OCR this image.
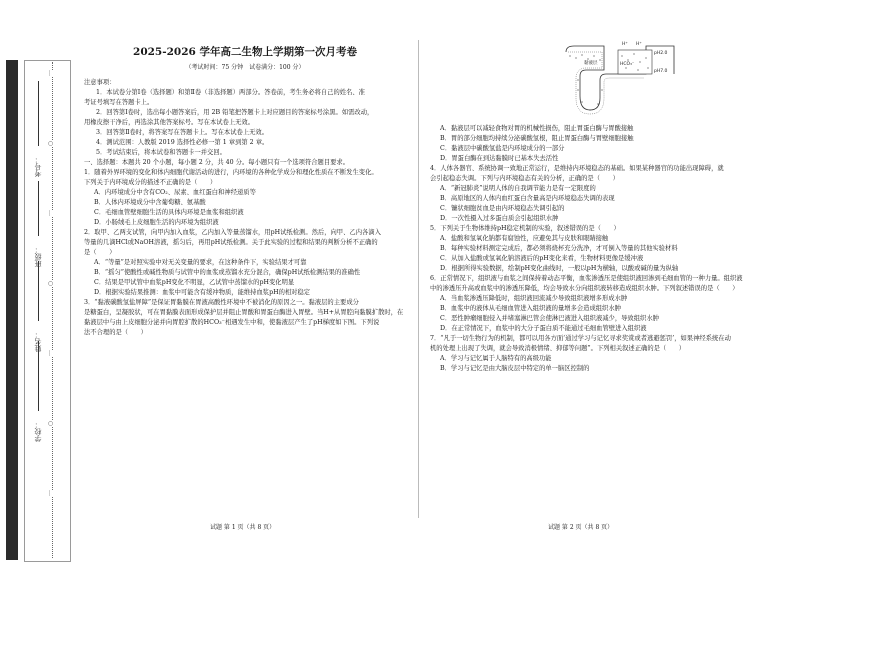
学校：
姓名：
班级：
考号：
…
○
…
○
…
○
…
2025-2026 学年高二生物上学期第一次月考卷
（考试时间：75 分钟　试卷满分：100 分）

注意事项：

1．本试卷分第Ⅰ卷（选择题）和第Ⅱ卷（非选择题）两部分。答卷前，考生务必将自己的姓名、准

考证号填写在答题卡上。

2．回答第Ⅰ卷时，选出每小题答案后，用 2B 铅笔把答题卡上对应题目的答案标号涂黑。如需改动，

用橡皮擦干净后，再选涂其他答案标号。写在本试卷上无效。

3．回答第Ⅱ卷时，将答案写在答题卡上。写在本试卷上无效。

4．测试范围：人教版 2019 选择性必修一第 1 章到第 2 章。

5．考试结束后，将本试卷和答题卡一并交回。

一、选择题：本题共 20 个小题，每小题 2 分，共 40 分。每小题只有一个选项符合题目要求。

1．随着外界环境的变化和体内细胞代谢活动的进行，内环境的各种化学成分和理化性质在不断发生变化。

下列关于内环境成分的描述不正确的是（　　）

A．内环境成分中含有CO₂、尿素、血红蛋白和神经递质等

B．人体内环境成分中含葡萄糖、氨基酸

C．毛细血管壁细胞生活的具体内环境是血浆和组织液

D．小肠绒毛上皮细胞生活的内环境为组织液

2．取甲、乙两支试管，向甲内加入血浆，乙内加入等量蒸馏水，用pH试纸检测。然后，向甲、乙内各滴入

等量的几滴HCl或NaOH溶液，摇匀后，再用pH试纸检测。关于此实验的过程和结果的判断分析不正确的

是（　　）

A．“等量”是对照实验中对无关变量的要求，在这种条件下，实验结果才可靠

B．“摇匀”使酸性或碱性物质与试管中的血浆或蒸馏水充分混合，确保pH试纸检测结果的准确性

C．结果是甲试管中血浆pH变化不明显，乙试管中蒸馏水的pH变化明显

D．根据实验结果推测：血浆中可能含有缓冲物质，能维持血浆pH的相对稳定

3．“黏液碳酸氢盐屏障”是保证胃黏膜在胃液高酸性环境中不被消化的原因之一。黏液层的主要成分

是糖蛋白，呈凝胶状，可在胃黏膜表面形成保护层并阻止胃酸和胃蛋白酶进入胃壁。当H+从胃腔向黏膜扩散时，在

黏液层中与由上皮细胞分泌并向胃腔扩散的HCO₃⁻相遇发生中和，使黏液层产生了pH梯度如下图。下列说

法不合理的是（　　）

试题 第 1 页（共 8 页）
H⁺ H⁺
pH2.0
HCO₃⁻
pH7.0
黏液层

A．黏液层可以减轻食物对胃的机械性损伤，阻止胃蛋白酶与胃酸接触

B．胃的部分细胞均持续分泌碳酸氢根，阻止胃蛋白酶与胃壁细胞接触

C．黏液层中碳酸氢盐是内环境成分的一部分

D．胃蛋白酶在到达黏膜时已基本失去活性

4．人体各器官、系统协调一致地正常运行，是维持内环境稳态的基础。如果某种器官的功能出现障碍，就

会引起稳态失调。下列与内环境稳态有关的分析，正确的是（　　）

A．“新冠肺炎”说明人体的自我调节能力是有一定限度的

B．高原地区的人体内血红蛋白含量高是内环境稳态失调的表现

C．镰状细胞贫血是由内环境稳态失调引起的

D．一次性摄入过多蛋白质会引起组织水肿

5．下列关于生物体维持pH稳定机制的实验，叙述错误的是（　　）

A．盐酸和氢氧化钠都有腐蚀性，应避免其与皮肤和眼睛接触

B．每种实验材料测定完成后，都必须将烧杯充分洗净，才可倒入等量的其他实验材料

C．从加入盐酸或氢氧化钠溶液后的pH变化来看，生物材料更像是缓冲液

D．根据所得实验数据，绘制pH变化曲线时，一般以pH为横轴，以酸或碱的量为纵轴

6．正常情况下，组织液与血浆之间保持着动态平衡，血浆渗透压是使组织液回渗到毛细血管的一种力量。组织液

中的渗透压升高或血浆中的渗透压降低，均会导致水分向组织液转移造成组织水肿。下列叙述错误的是（　　）

A．当血浆渗透压降低时，组织液回流减少导致组织液增多形成水肿

B．血浆中的液体从毛细血管进入组织液的量增多会造成组织水肿

C．恶性肿瘤细胞侵入并堵塞淋巴管会使淋巴液进入组织液减少，导致组织水肿

D．在正常情况下，血浆中的大分子蛋白质不能通过毛细血管壁进入组织液

7．“凡于一切生物行为的机制，都可以用各方面‘通过学习与记忆寻求奖赏或者逃避惩罚’，如果神经系统在动

机的处理上出现了失调，就会导致消极情绪、抑郁等问题”。下列相关叙述正确的是（　　）

A．学习与记忆属于人脑特有的高级功能

B．学习与记忆是由大脑皮层中特定的单一脑区控制的

试题 第 2 页（共 8 页）
